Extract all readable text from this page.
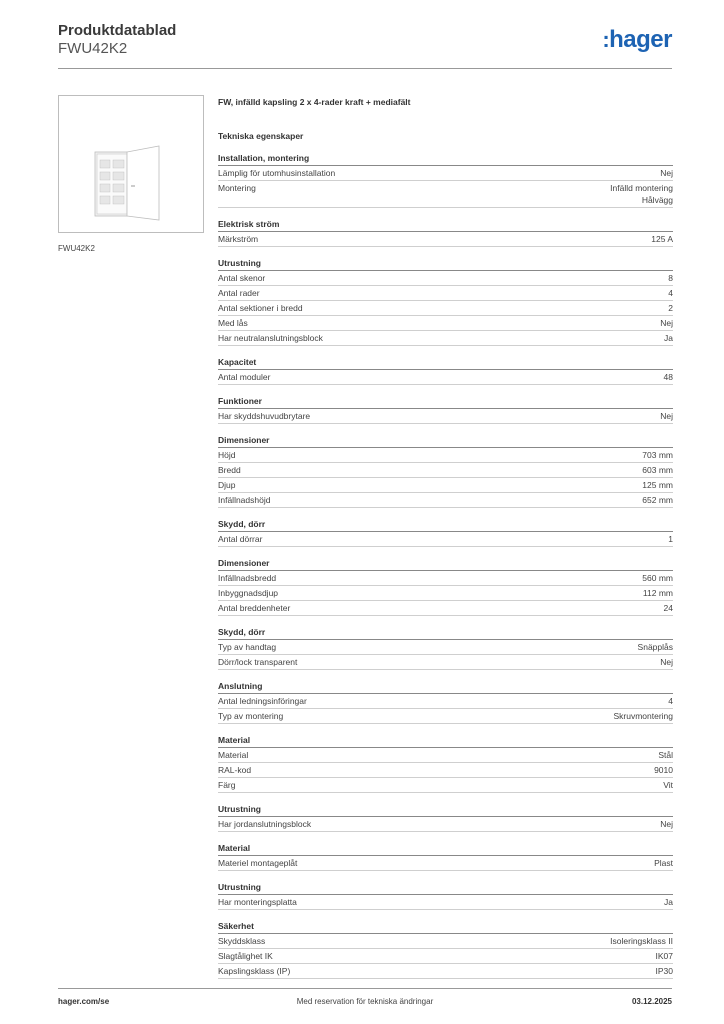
Produktdatablad

FWU42K2	:hager
FWU42K2
FW, infälld kapsling 2 x 4-rader kraft + mediafält
Tekniska egenskaper
Installation, montering
Lämplig för utomhusinstallation	Nej
Montering	Infälld montering
Hålvägg
Elektrisk ström
Märkström	125 A
Utrustning
Antal skenor	8
Antal rader	4
Antal sektioner i bredd	2
Med lås	Nej
Har neutralanslutningsblock	Ja
Kapacitet
Antal moduler	48
Funktioner
Har skyddshuvudbrytare	Nej
Dimensioner
Höjd	703 mm
Bredd	603 mm
Djup	125 mm
Infällnadshöjd	652 mm
Skydd, dörr
Antal dörrar	1
Dimensioner
Infällnadsbredd	560 mm
Inbyggnadsdjup	112 mm
Antal breddenheter	24
Skydd, dörr
Typ av handtag	Snäpplås
Dörr/lock transparent	Nej
Anslutning
Antal ledningsinföringar	4
Typ av montering	Skruvmontering
Material
Material	Stål
RAL-kod	9010
Färg	Vit
Utrustning
Har jordanslutningsblock	Nej
Material
Materiel montageplåt	Plast
Utrustning
Har monteringsplatta	Ja
Säkerhet
Skyddsklass	Isoleringsklass II
Slagtålighet IK	IK07
Kapslingsklass (IP)	IP30
hager.com/se	Med reservation för tekniska ändringar	03.12.2025
